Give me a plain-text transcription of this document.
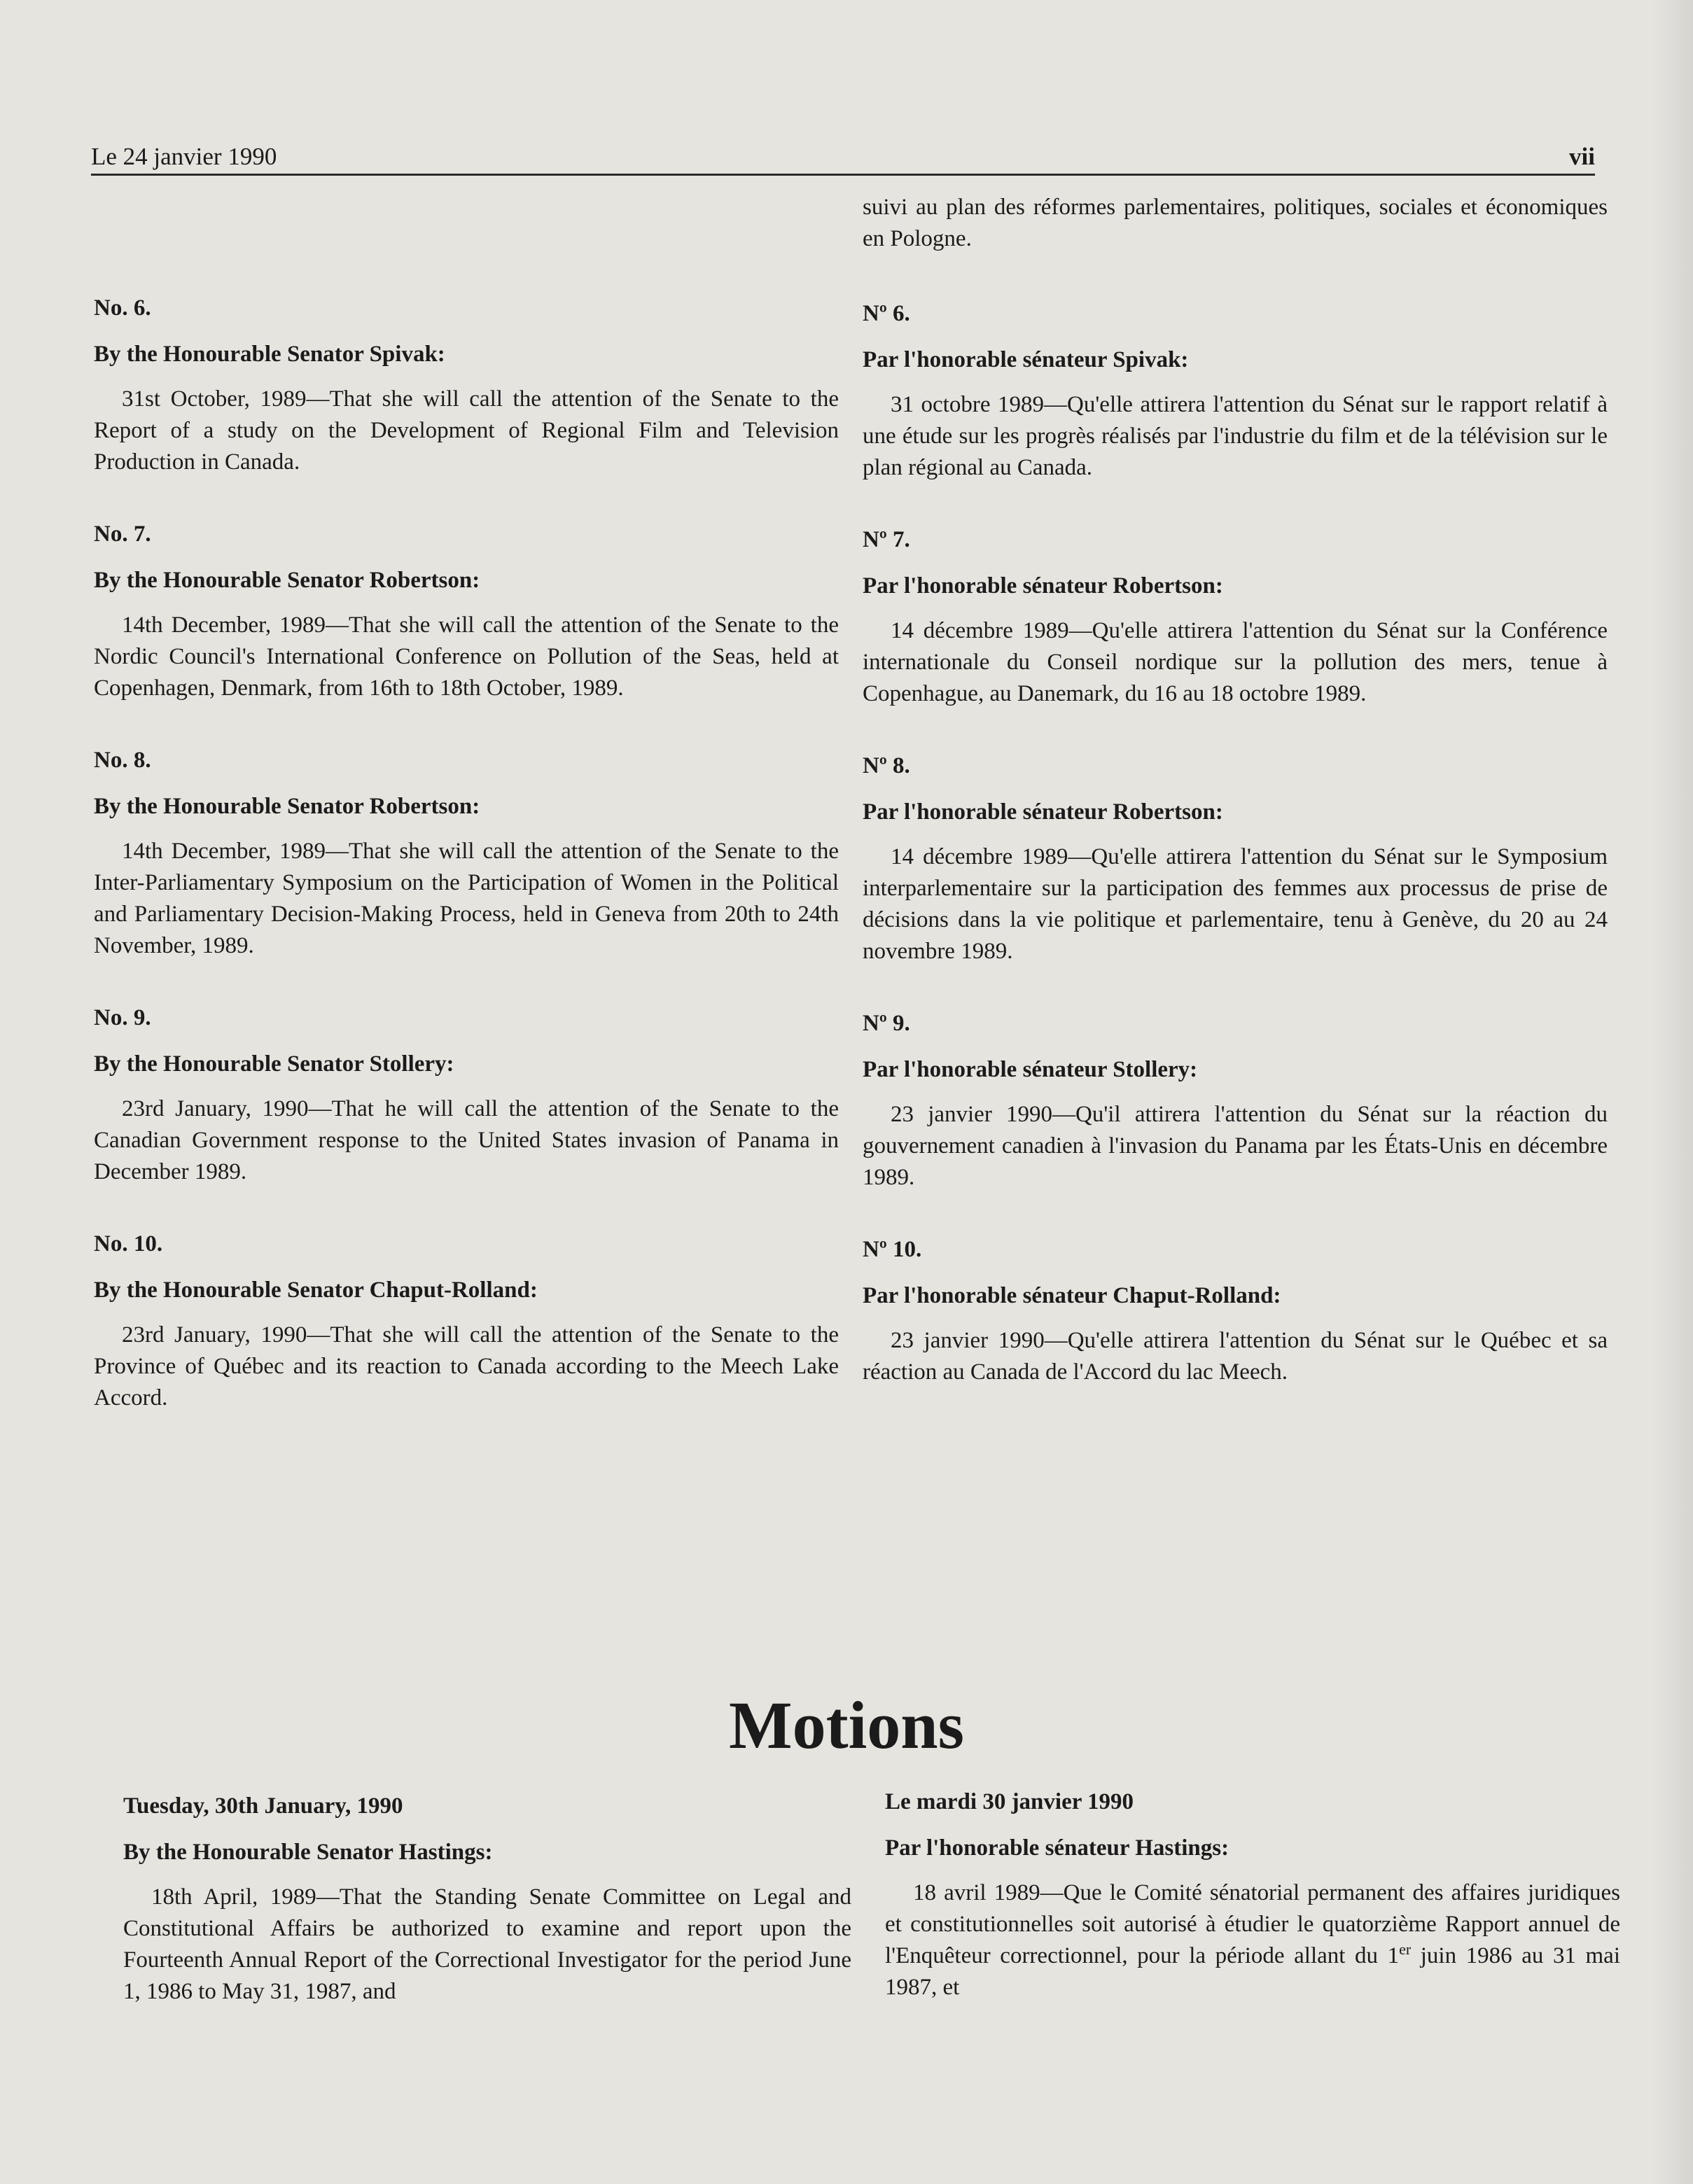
Le 24 janvier 1990	vii

No. 6.

By the Honourable Senator Spivak:

31st October, 1989—That she will call the attention of the Senate to the Report of a study on the Development of Regional Film and Television Production in Canada.

No. 7.

By the Honourable Senator Robertson:

14th December, 1989—That she will call the attention of the Senate to the Nordic Council's International Conference on Pollution of the Seas, held at Copenhagen, Denmark, from 16th to 18th October, 1989.

No. 8.

By the Honourable Senator Robertson:

14th December, 1989—That she will call the attention of the Senate to the Inter-Parliamentary Symposium on the Participation of Women in the Political and Parliamentary Decision-Making Process, held in Geneva from 20th to 24th November, 1989.

No. 9.

By the Honourable Senator Stollery:

23rd January, 1990—That he will call the attention of the Senate to the Canadian Government response to the United States invasion of Panama in December 1989.

No. 10.

By the Honourable Senator Chaput-Rolland:

23rd January, 1990—That she will call the attention of the Senate to the Province of Québec and its reaction to Canada according to the Meech Lake Accord.

suivi au plan des réformes parlementaires, politiques, sociales et économiques en Pologne.

Nº 6.

Par l'honorable sénateur Spivak:

31 octobre 1989—Qu'elle attirera l'attention du Sénat sur le rapport relatif à une étude sur les progrès réalisés par l'industrie du film et de la télévision sur le plan régional au Canada.

Nº 7.

Par l'honorable sénateur Robertson:

14 décembre 1989—Qu'elle attirera l'attention du Sénat sur la Conférence internationale du Conseil nordique sur la pollution des mers, tenue à Copenhague, au Danemark, du 16 au 18 octobre 1989.

Nº 8.

Par l'honorable sénateur Robertson:

14 décembre 1989—Qu'elle attirera l'attention du Sénat sur le Symposium interparlementaire sur la participation des femmes aux processus de prise de décisions dans la vie politique et parlementaire, tenu à Genève, du 20 au 24 novembre 1989.

Nº 9.

Par l'honorable sénateur Stollery:

23 janvier 1990—Qu'il attirera l'attention du Sénat sur la réaction du gouvernement canadien à l'invasion du Panama par les États-Unis en décembre 1989.

Nº 10.

Par l'honorable sénateur Chaput-Rolland:

23 janvier 1990—Qu'elle attirera l'attention du Sénat sur le Québec et sa réaction au Canada de l'Accord du lac Meech.

Motions

Tuesday, 30th January, 1990

By the Honourable Senator Hastings:

18th April, 1989—That the Standing Senate Committee on Legal and Constitutional Affairs be authorized to examine and report upon the Fourteenth Annual Report of the Correctional Investigator for the period June 1, 1986 to May 31, 1987, and

Le mardi 30 janvier 1990

Par l'honorable sénateur Hastings:

18 avril 1989—Que le Comité sénatorial permanent des affaires juridiques et constitutionnelles soit autorisé à étudier le quatorzième Rapport annuel de l'Enquêteur correctionnel, pour la période allant du 1er juin 1986 au 31 mai 1987, et
